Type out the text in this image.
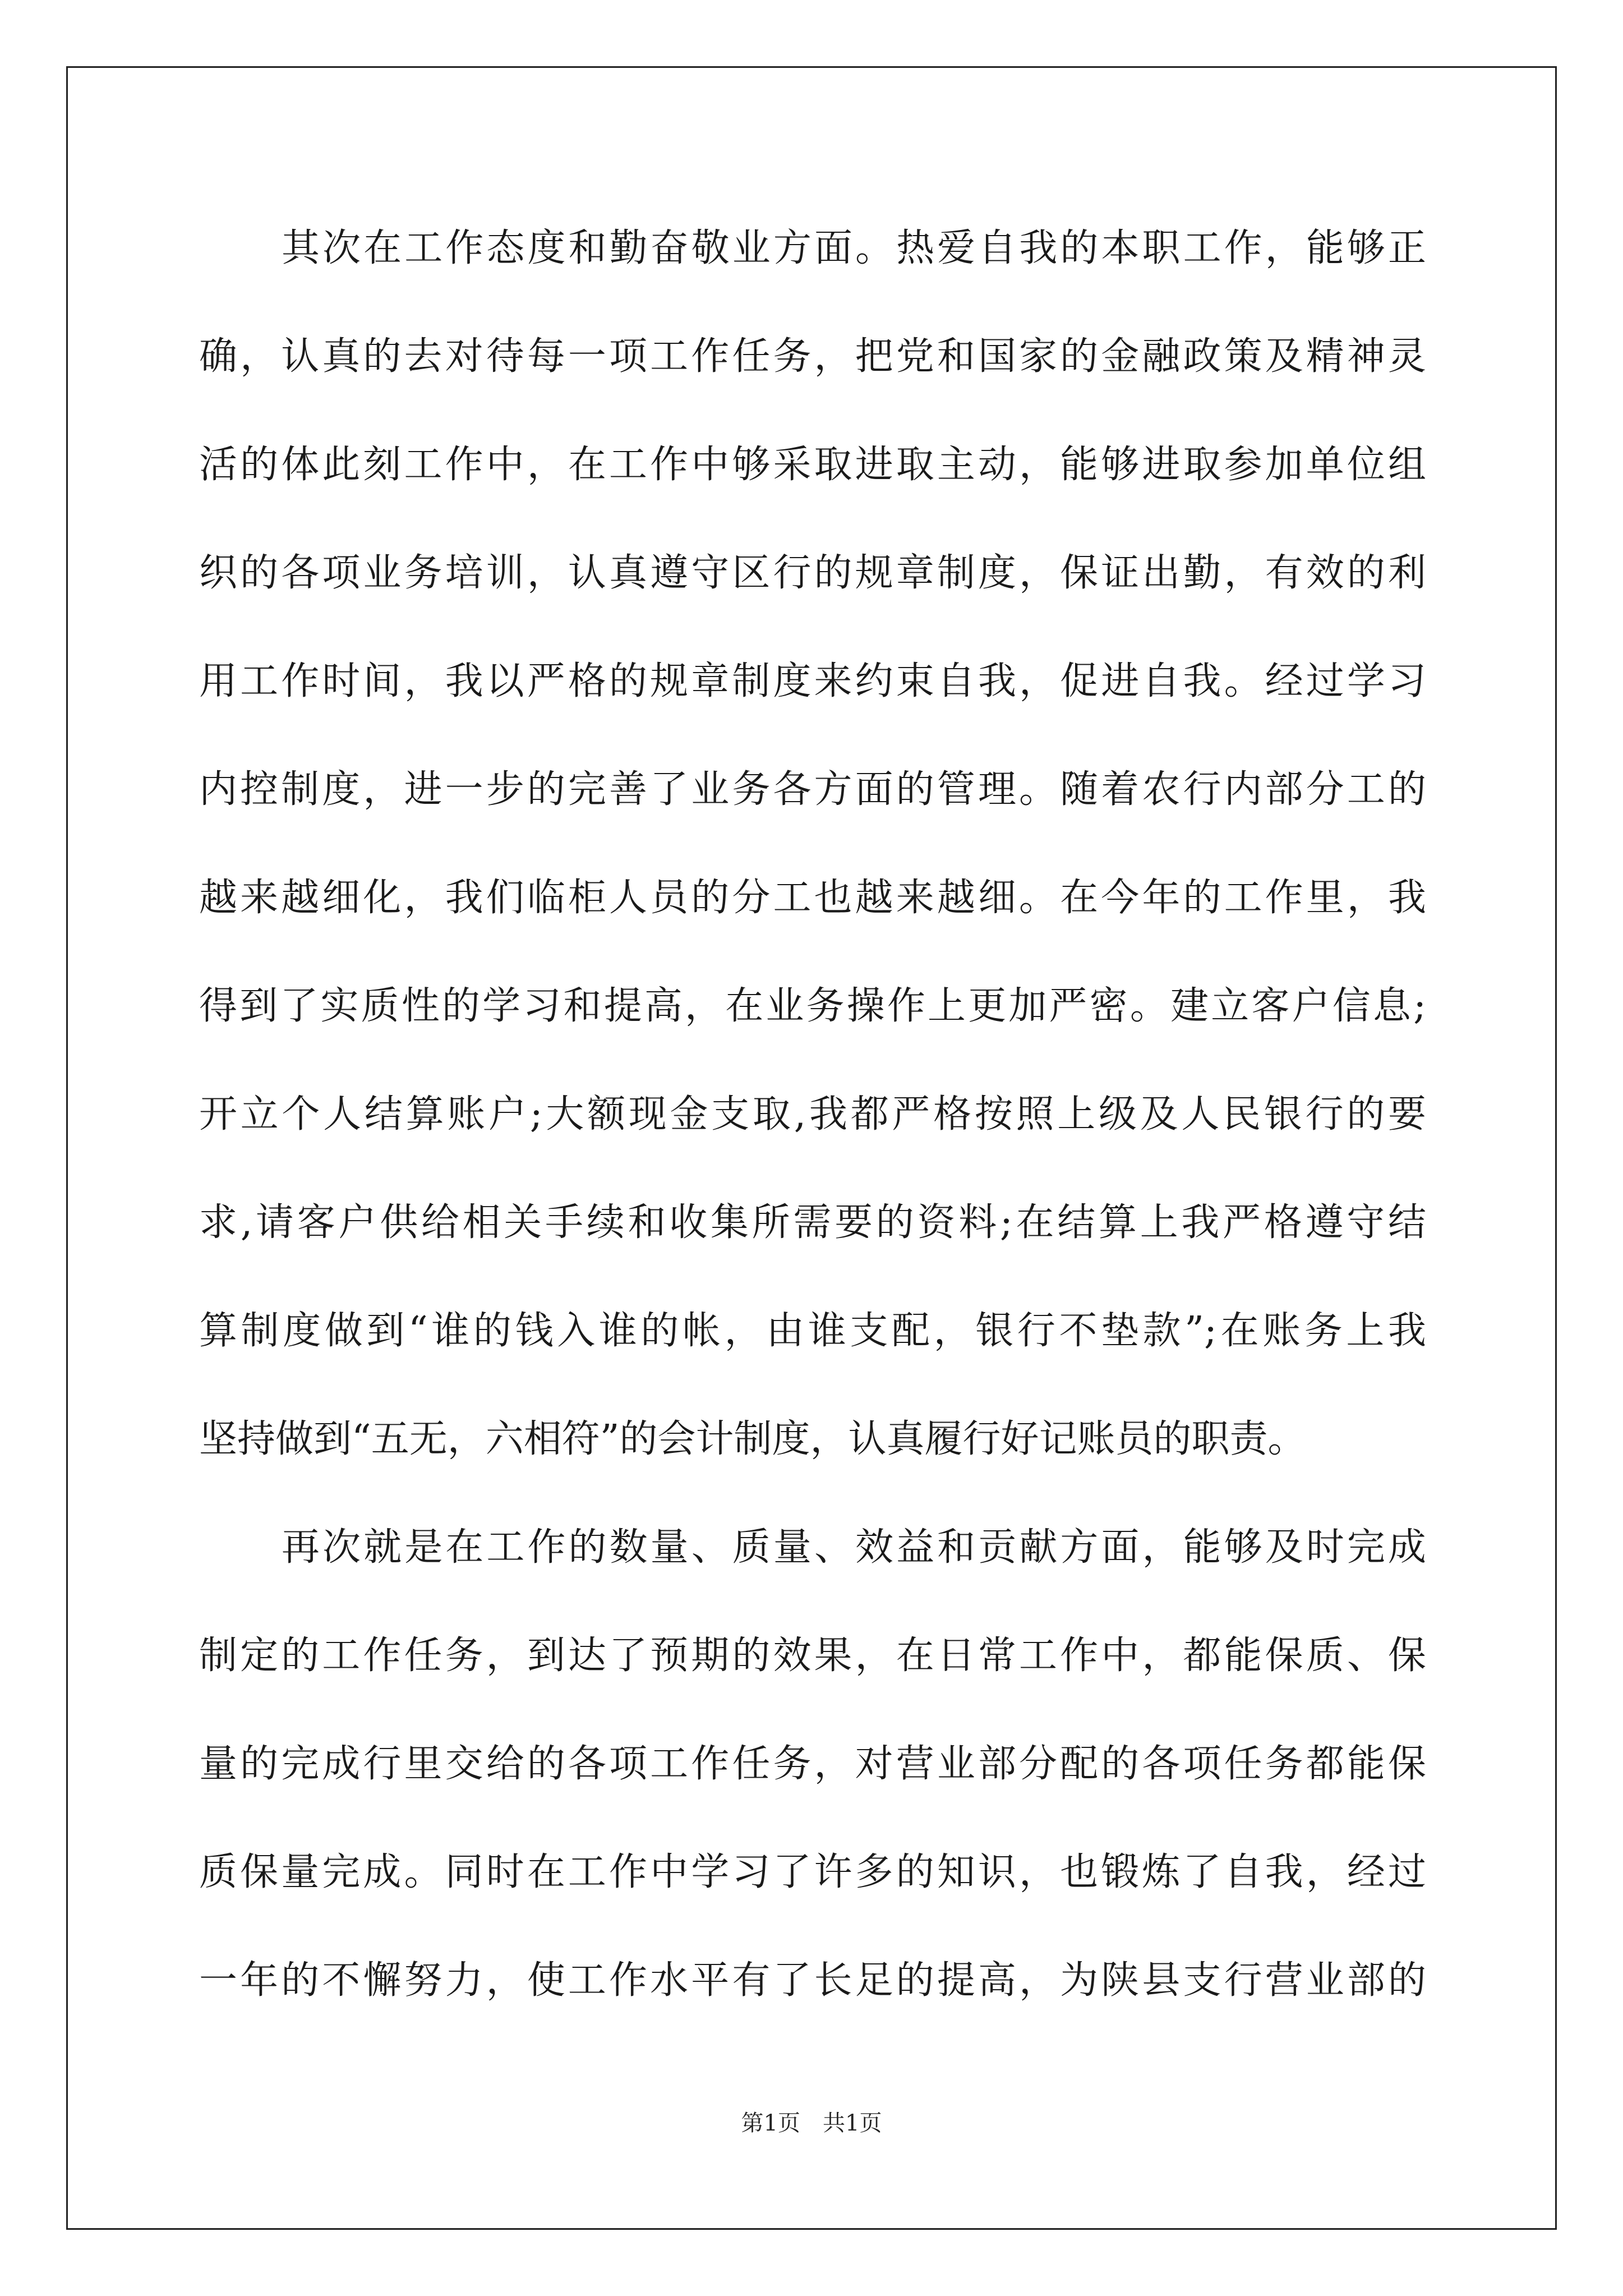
其次在工作态度和勤奋敬业方面。热爱自我的本职工作，能够正
确，认真的去对待每一项工作任务，把党和国家的金融政策及精神灵
活的体此刻工作中，在工作中够采取进取主动，能够进取参加单位组
织的各项业务培训，认真遵守区行的规章制度，保证出勤，有效的利
用工作时间，我以严格的规章制度来约束自我，促进自我。经过学习
内控制度，进一步的完善了业务各方面的管理。随着农行内部分工的
越来越细化，我们临柜人员的分工也越来越细。在今年的工作里，我
得到了实质性的学习和提高，在业务操作上更加严密。建立客户信息;
开立个人结算账户;大额现金支取,我都严格按照上级及人民银行的要
求,请客户供给相关手续和收集所需要的资料;在结算上我严格遵守结
算制度做到“谁的钱入谁的帐，由谁支配，银行不垫款”;在账务上我
坚持做到“五无，六相符”的会计制度，认真履行好记账员的职责。
再次就是在工作的数量、质量、效益和贡献方面，能够及时完成
制定的工作任务，到达了预期的效果，在日常工作中，都能保质、保
量的完成行里交给的各项工作任务，对营业部分配的各项任务都能保
质保量完成。同时在工作中学习了许多的知识，也锻炼了自我，经过
一年的不懈努力，使工作水平有了长足的提高，为陕县支行营业部的
第1页　共1页
